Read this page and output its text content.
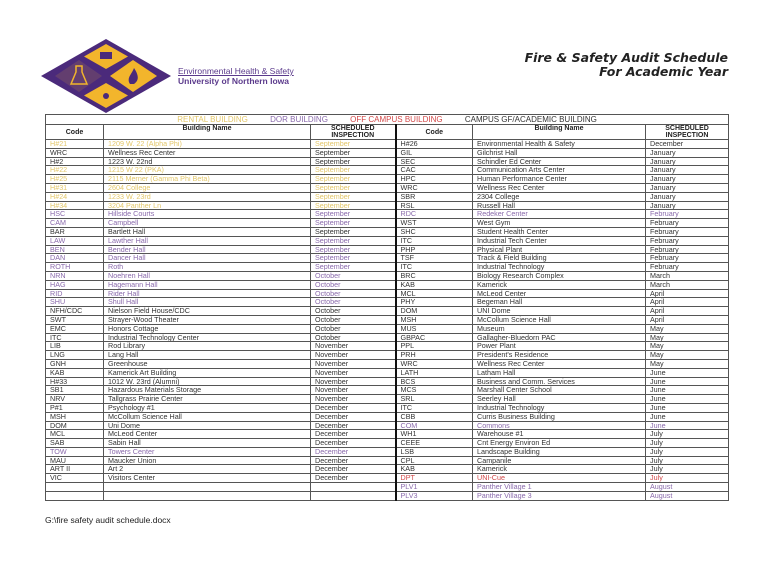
Environmental Health & Safety
University of Northern Iowa
Fire & Safety Audit Schedule
For Academic Year
RENTAL BUILDING DOR BUILDING OFF CAMPUS BUILDING CAMPUS GF/ACADEMIC BUILDING					
Code	Building Name	SCHEDULED INSPECTION	Code	Building Name	SCHEDULED INSPECTION
H#21	1209 W. 22 (Alpha Phi)	September	H#26	Environmental Health & Safety	December
WRC	Wellness Rec Center	September	GIL	Gilchrist Hall	January
H#2	1223 W. 22nd	September	SEC	Schindler Ed Center	January
H#22	1215 W 22 (PKA)	September	CAC	Communication Arts Center	January
H#25	2115 Merner (Gamma Phi Beta)	September	HPC	Human Performance Center	January
H#31	2604 College	September	WRC	Wellness Rec Center	January
H#24	1233 W. 23rd	September	SBR	2304 College	January
H#34	3204 Panther Ln	September	RSL	Russell Hall	January
HSC	Hillside Courts	September	RDC	Redeker Center	February
CAM	Campbell	September	WST	West Gym	February
BAR	Bartlett Hall	September	SHC	Student Health Center	February
LAW	Lawther Hall	September	ITC	Industrial Tech Center	February
BEN	Bender Hall	September	PHP	Physical Plant	February
DAN	Dancer Hall	September	TSF	Track & Field Building	February
ROTH	Roth	September	ITC	Industrial Technology	February
NRN	Noehren Hall	October	BRC	Biology Research Complex	March
HAG	Hagemann Hall	October	KAB	Kamerick	March
RID	Rider Hall	October	MCL	McLeod Center	April
SHU	Shull Hall	October	PHY	Begeman Hall	April
NFH/CDC	Nielson Field House/CDC	October	DOM	UNI Dome	April
SWT	Strayer-Wood Theater	October	MSH	McCollum Science Hall	April
EMC	Honors Cottage	October	MUS	Museum	May
ITC	Industrial Technology Center	October	GBPAC	Gallagher-Bluedorn PAC	May
LIB	Rod Library	November	PPL	Power Plant	May
LNG	Lang Hall	November	PRH	President's Residence	May
GNH	Greenhouse	November	WRC	Wellness Rec Center	May
KAB	Kamerick Art Building	November	LATH	Latham Hall	June
H#33	1012 W. 23rd (Alumni)	November	BCS	Business and Comm. Services	June
SB1	Hazardous Materials Storage	November	MCS	Marshall Center School	June
NRV	Tallgrass Prairie Center	November	SRL	Seerley Hall	June
P#1	Psychology #1	December	ITC	Industrial Technology	June
MSH	McCollum Science Hall	December	CBB	Curris Business Building	June
DOM	Uni Dome	December	COM	Commons	June
MCL	McLeod Center	December	WH1	Warehouse #1	July
SAB	Sabin Hall	December	CEEE	Cnt Energy Environ Ed	July
TOW	Towers Center	December	LSB	Landscape Building	July
MAU	Maucker Union	December	CPL	Campanile	July
ART II	Art 2	December	KAB	Kamerick	July
VIC	Visitors Center	December	DPT	UNI-Cue	July
			PLV1	Panther Village 1	August
			PLV3	Panther Village 3	August
G:\fire safety audit schedule.docx
